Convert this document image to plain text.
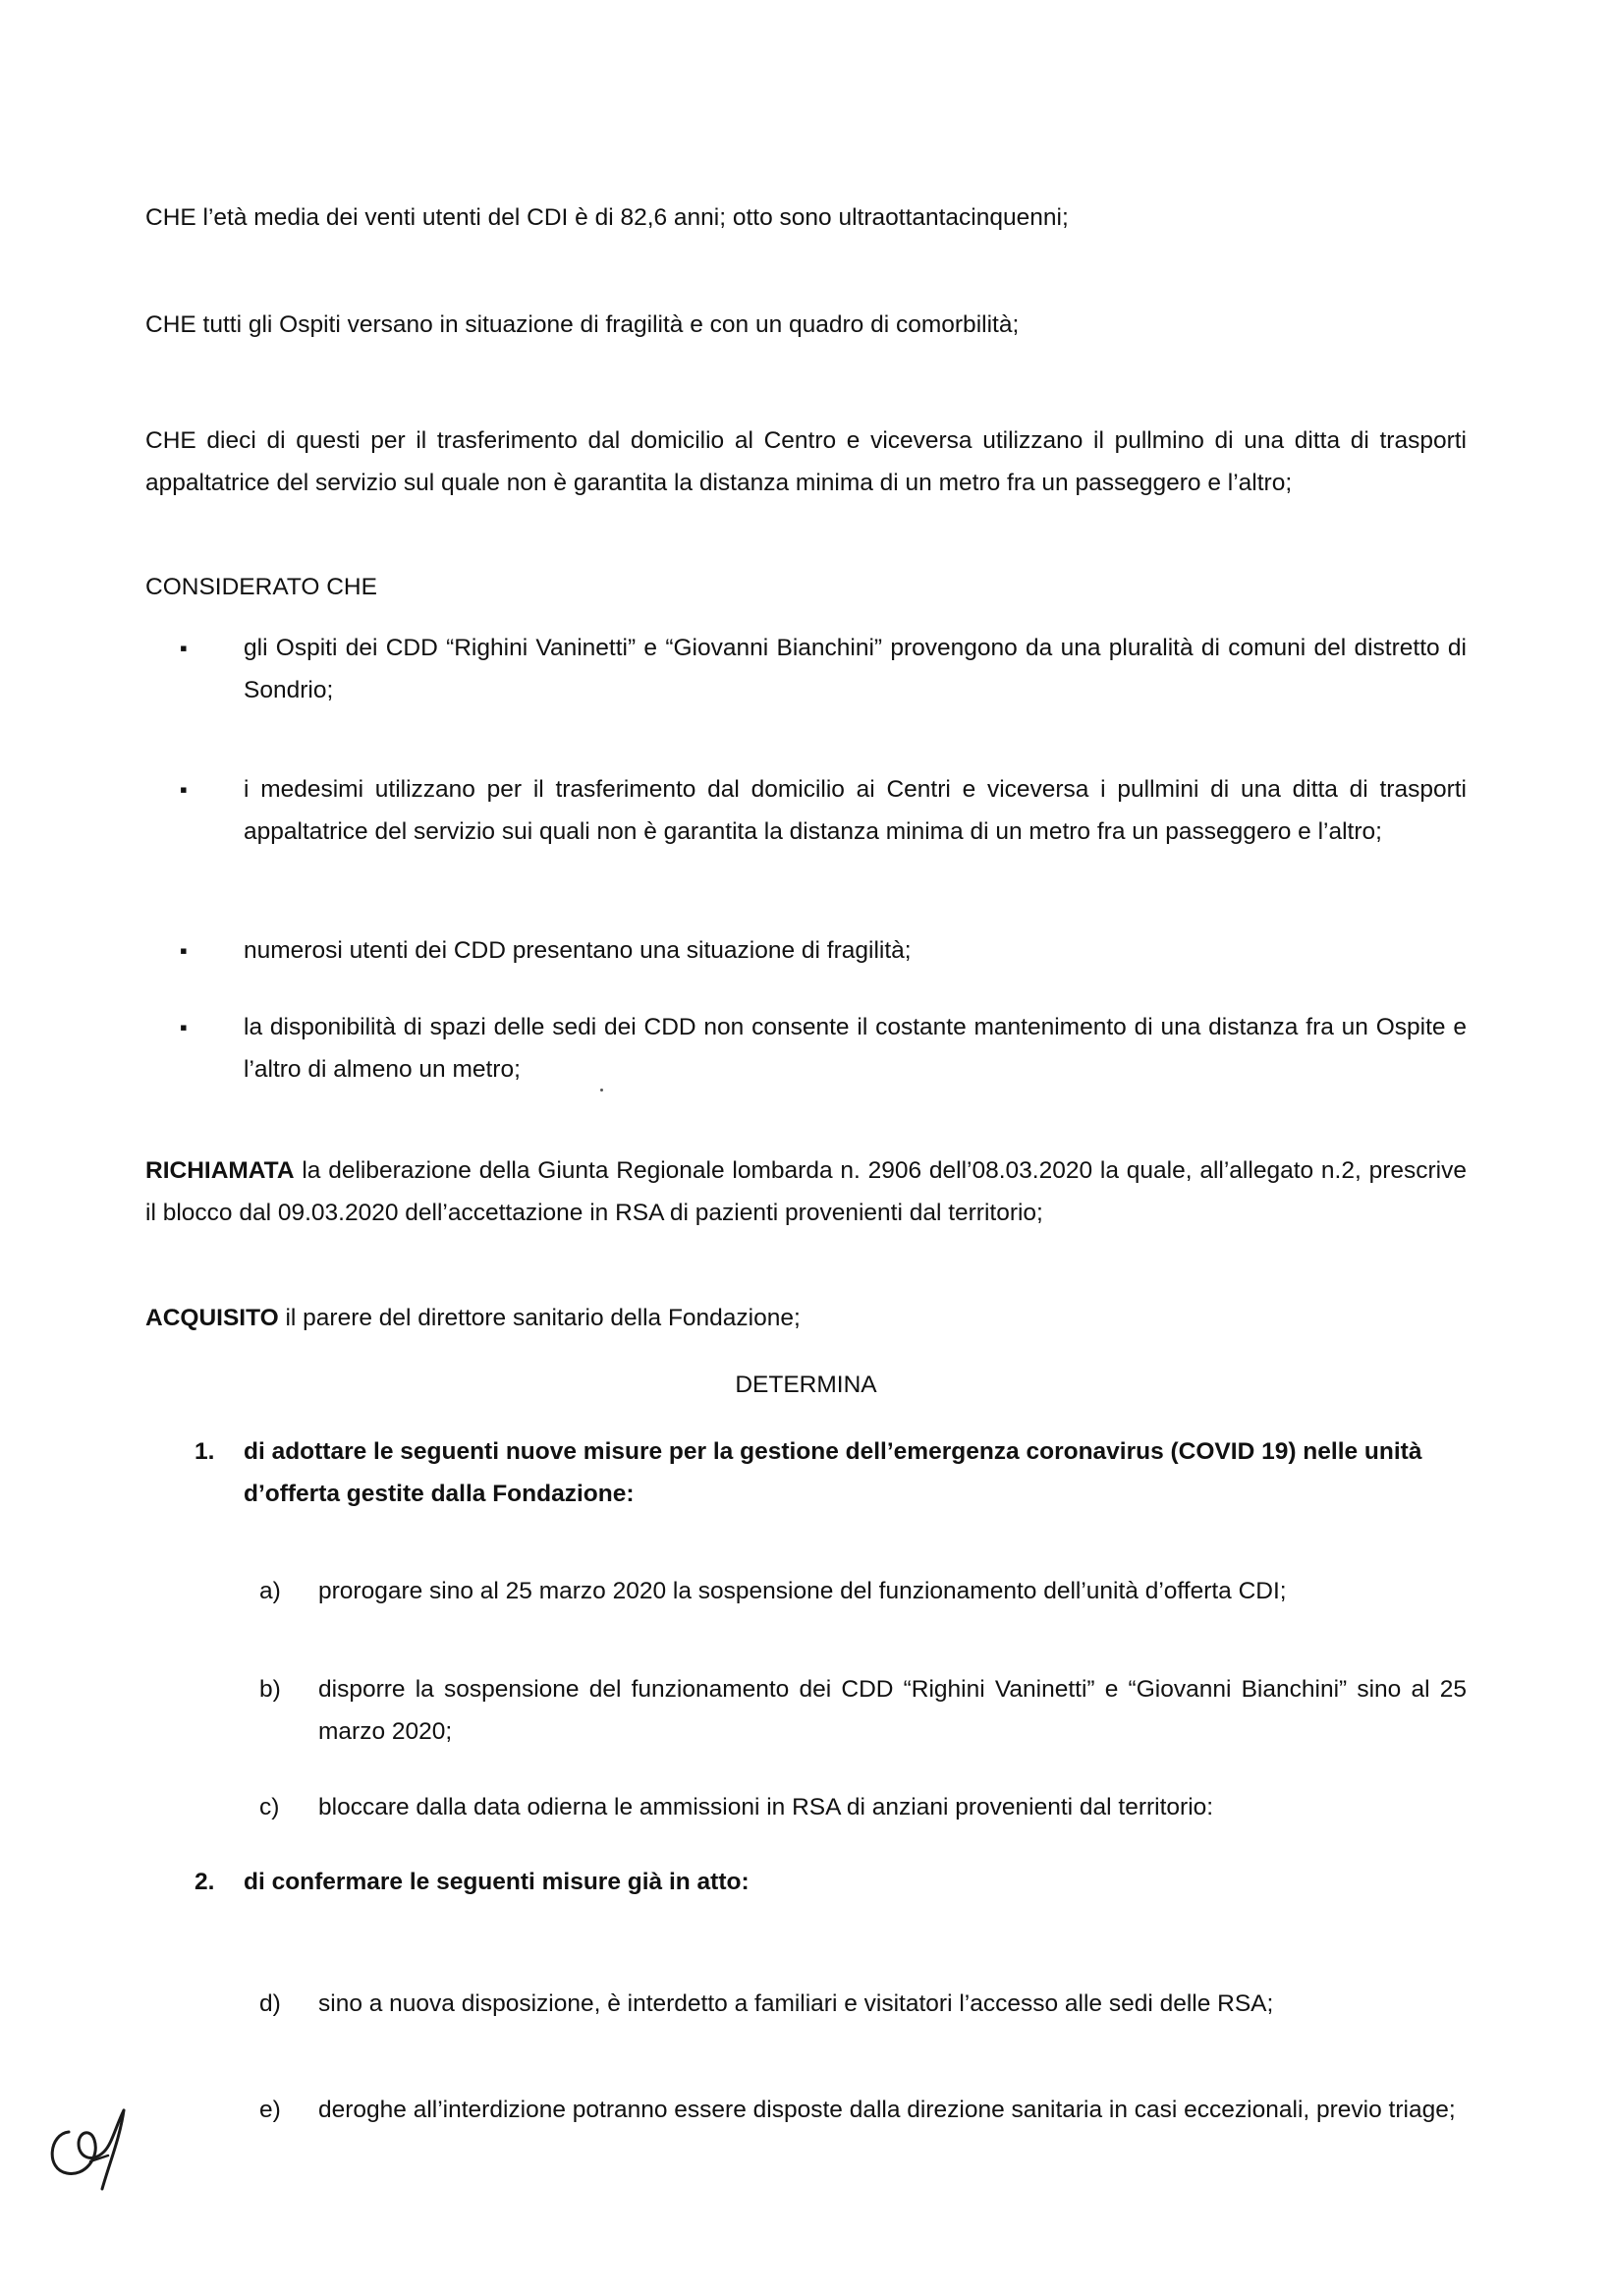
CHE l’età media dei venti utenti del CDI è di 82,6 anni; otto sono ultraottantacinquenni;

CHE tutti gli Ospiti versano in situazione di fragilità e con un quadro di comorbilità;

CHE dieci di questi per il trasferimento dal domicilio al Centro e viceversa utilizzano il pullmino di una ditta di trasporti appaltatrice del servizio sul quale non è garantita la distanza minima di un metro fra un passeggero e l’altro;

CONSIDERATO CHE

▪ gli Ospiti dei CDD “Righini Vaninetti” e “Giovanni Bianchini” provengono da una pluralità di comuni del distretto di Sondrio;

▪ i medesimi utilizzano per il trasferimento dal domicilio ai Centri e viceversa i pullmini di una ditta di trasporti appaltatrice del servizio sui quali non è garantita la distanza minima di un metro fra un passeggero e l’altro;

▪ numerosi utenti dei CDD presentano una situazione di fragilità;

▪ la disponibilità di spazi delle sedi dei CDD non consente il costante mantenimento di una distanza fra un Ospite e l’altro di almeno un metro;

RICHIAMATA la deliberazione della Giunta Regionale lombarda n. 2906 dell’08.03.2020 la quale, all’allegato n.2, prescrive il blocco dal 09.03.2020 dell’accettazione in RSA di pazienti provenienti dal territorio;

ACQUISITO il parere del direttore sanitario della Fondazione;

DETERMINA

1. di adottare le seguenti nuove misure per la gestione dell’emergenza coronavirus (COVID 19) nelle unità d’offerta gestite dalla Fondazione:

a) prorogare sino al 25 marzo 2020 la sospensione del funzionamento dell’unità d’offerta CDI;

b) disporre la sospensione del funzionamento dei CDD “Righini Vaninetti” e “Giovanni Bianchini” sino al 25 marzo 2020;

c) bloccare dalla data odierna le ammissioni in RSA di anziani provenienti dal territorio:

2. di confermare le seguenti misure già in atto:

d) sino a nuova disposizione, è interdetto a familiari e visitatori l’accesso alle sedi delle RSA;

e) deroghe all’interdizione potranno essere disposte dalla direzione sanitaria in casi eccezionali, previo triage;
